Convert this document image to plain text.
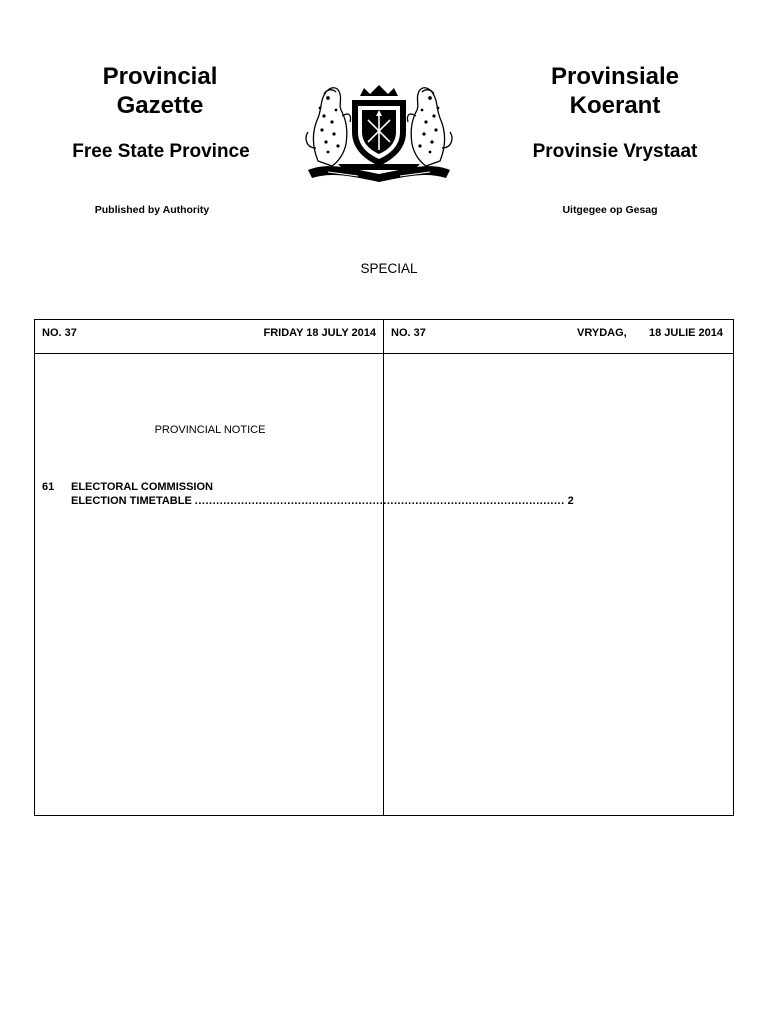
Provincial
Gazette
Provinsiale
Koerant
Free State Province	Provinsie Vrystaat
Published by Authority	Uitgegee op Gesag
SPECIAL
NO. 37	FRIDAY 18 JULY 2014 NO. 37	VRYDAG, 18 JULIE 2014
PROVINCIAL NOTICE
61 ELECTORAL COMMISSION
ELECTION TIMETABLE ........................................................................................................ 2
